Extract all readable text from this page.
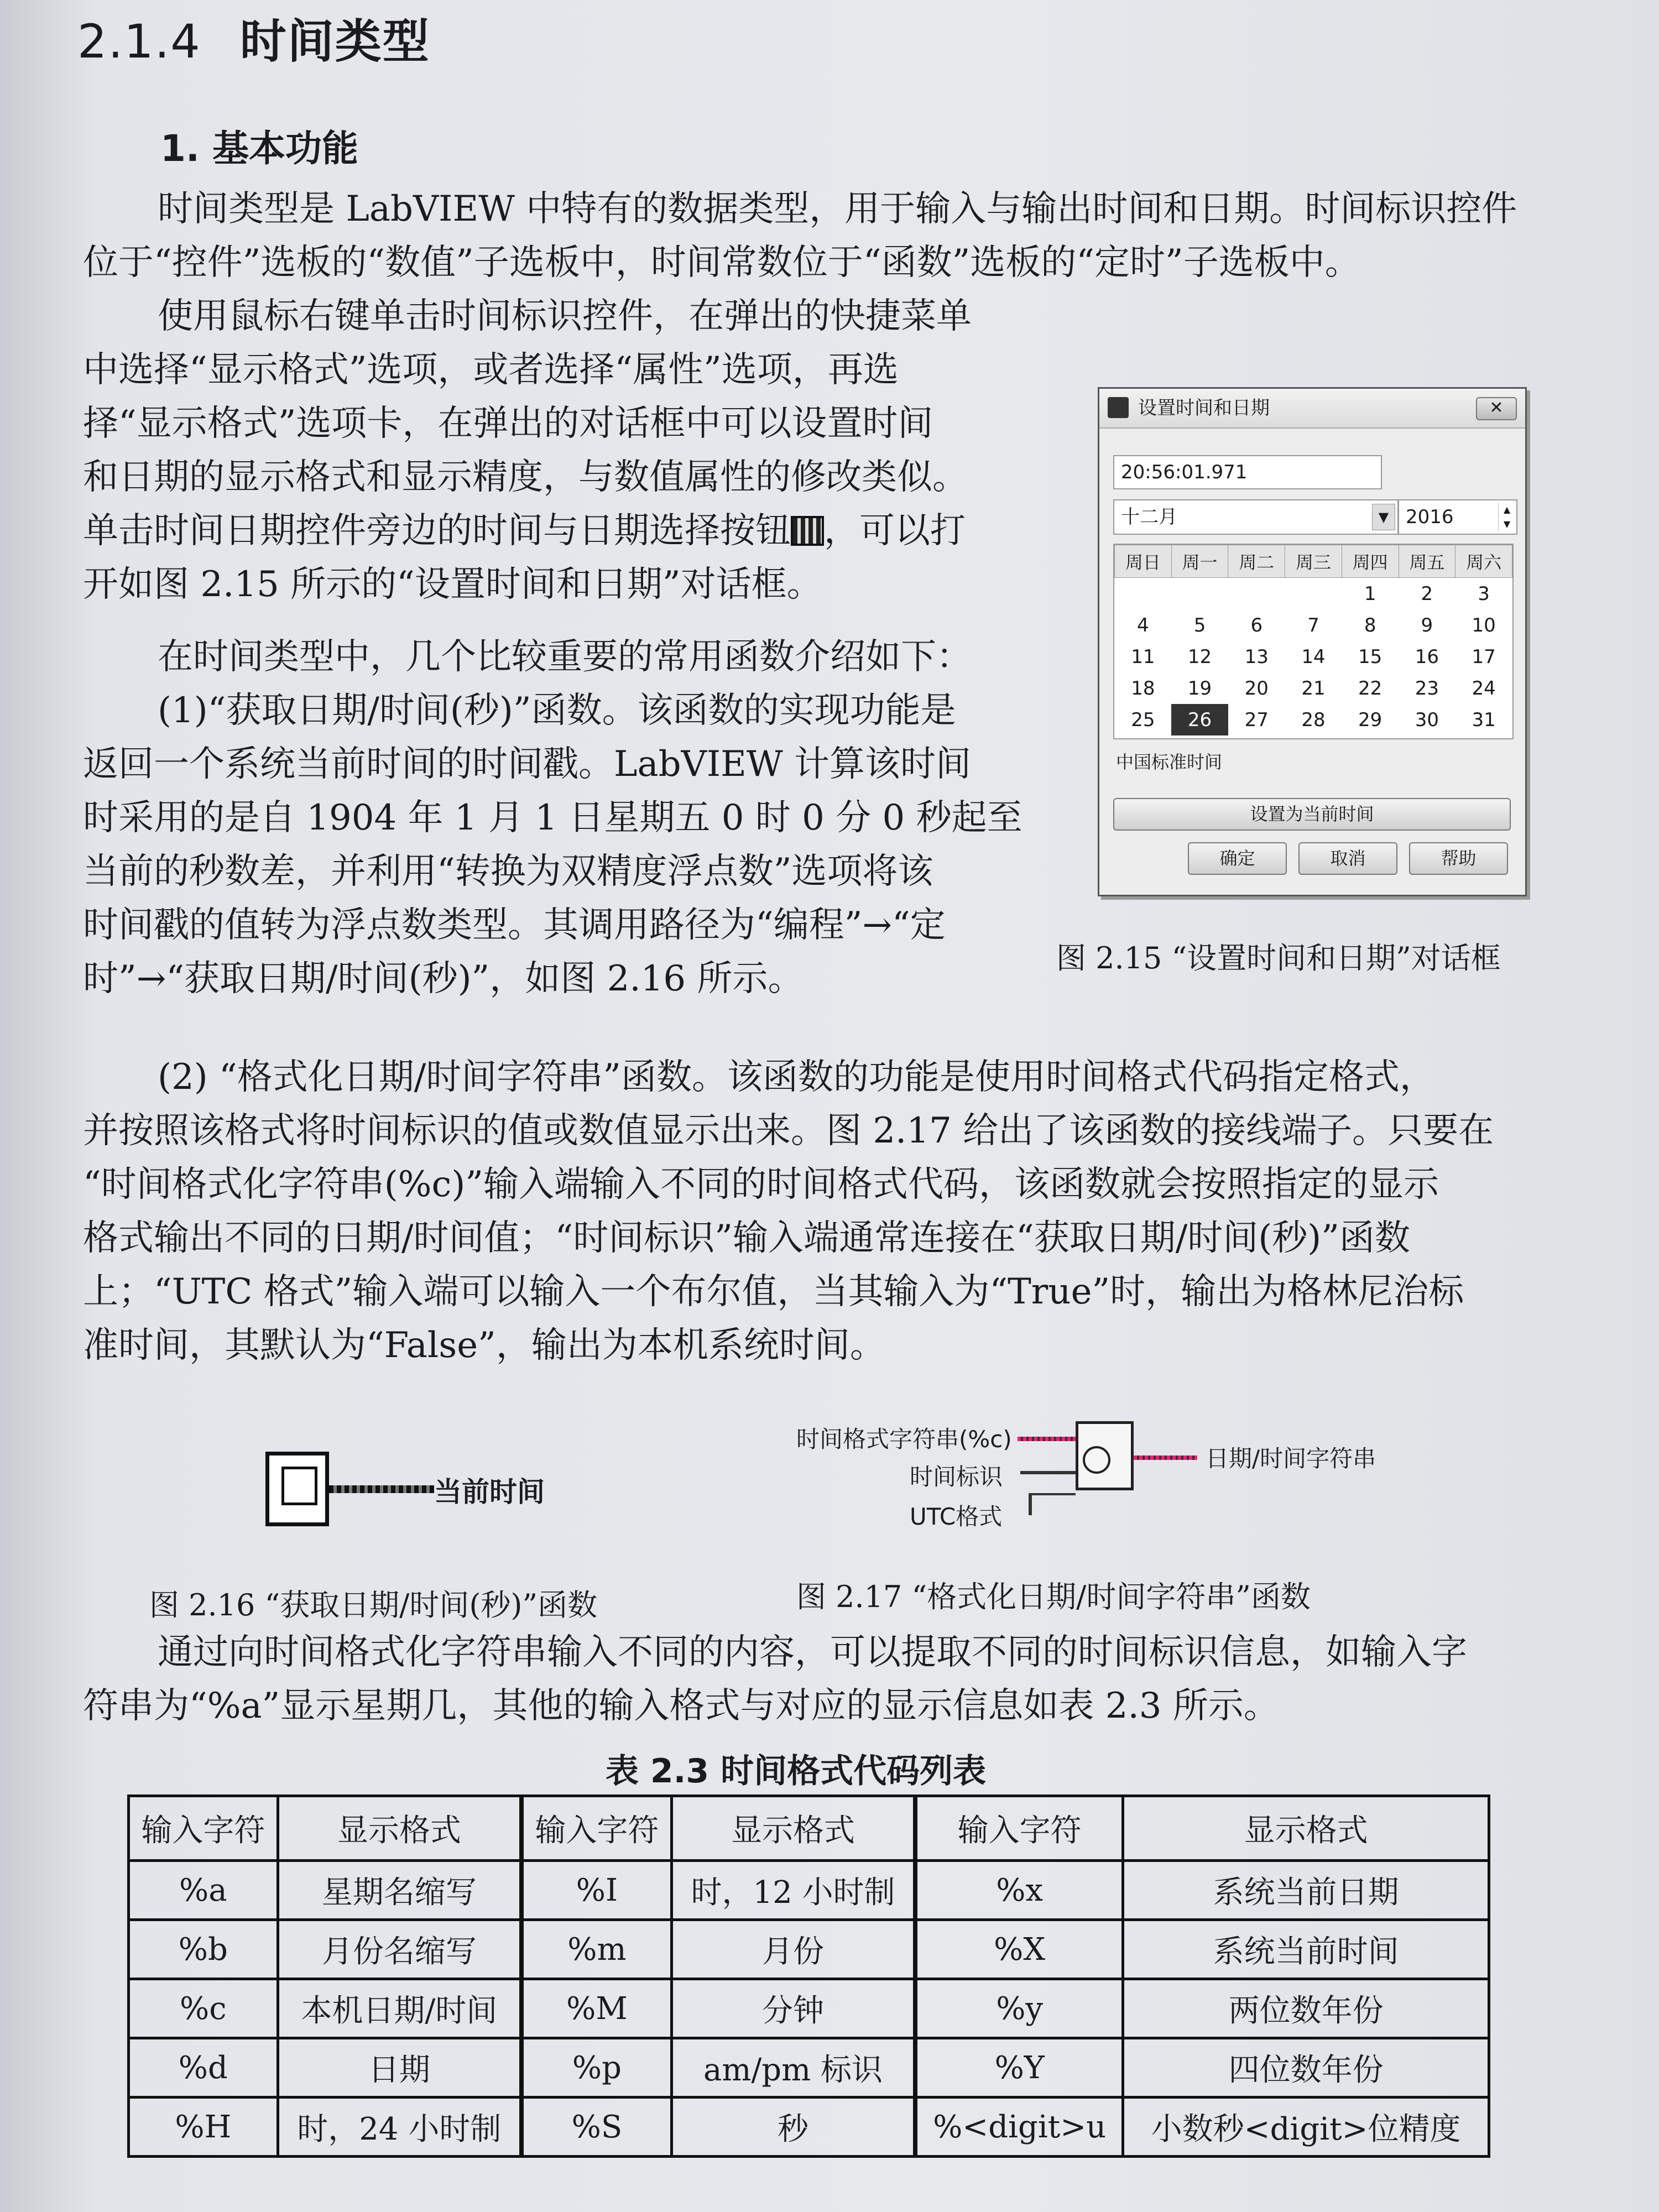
2.1.4 时间类型
1. 基本功能
时间类型是 LabVIEW 中特有的数据类型，用于输入与输出时间和日期。时间标识控件
位于“控件”选板的“数值”子选板中，时间常数位于“函数”选板的“定时”子选板中。
使用鼠标右键单击时间标识控件，在弹出的快捷菜单
中选择“显示格式”选项，或者选择“属性”选项，再选
择“显示格式”选项卡，在弹出的对话框中可以设置时间
和日期的显示格式和显示精度，与数值属性的修改类似。
单击时间日期控件旁边的时间与日期选择按钮 ，可以打
开如图 2.15 所示的“设置时间和日期”对话框。
在时间类型中，几个比较重要的常用函数介绍如下：
(1)“获取日期/时间(秒)”函数。该函数的实现功能是
返回一个系统当前时间的时间戳。LabVIEW 计算该时间
时采用的是自 1904 年 1 月 1 日星期五 0 时 0 分 0 秒起至
当前的秒数差，并利用“转换为双精度浮点数”选项将该
时间戳的值转为浮点数类型。其调用路径为“编程”→“定
时”→“获取日期/时间(秒)”，如图 2.16 所示。
(2) “格式化日期/时间字符串”函数。该函数的功能是使用时间格式代码指定格式，
并按照该格式将时间标识的值或数值显示出来。图 2.17 给出了该函数的接线端子。只要在
“时间格式化字符串(%c)”输入端输入不同的时间格式代码，该函数就会按照指定的显示
格式输出不同的日期/时间值；“时间标识”输入端通常连接在“获取日期/时间(秒)”函数
上；“UTC 格式”输入端可以输入一个布尔值，当其输入为“True”时，输出为格林尼治标
准时间，其默认为“False”，输出为本机系统时间。
设置时间和日期	✕
20:56:01.971
十二月	▼ 2016	▲
▼
周日	周一	周二	周三	周四	周五	周六
				1	2	3
4	5	6	7	8	9	10
11	12	13	14	15	16	17
18	19	20	21	22	23	24
25	26	27	28	29	30	31
中国标准时间
设置为当前时间
确定	取消	帮助
图 2.15 “设置时间和日期”对话框
当前时间
图 2.16 “获取日期/时间(秒)”函数
时间格式字符串(%c)
时间标识
UTC格式
日期/时间字符串
图 2.17 “格式化日期/时间字符串”函数
通过向时间格式化字符串输入不同的内容，可以提取不同的时间标识信息，如输入字
符串为“%a”显示星期几，其他的输入格式与对应的显示信息如表 2.3 所示。
表 2.3 时间格式代码列表
输入字符	显示格式	输入字符	显示格式	输入字符	显示格式
%a	星期名缩写	%I	时，12 小时制	%x	系统当前日期
%b	月份名缩写	%m	月份	%X	系统当前时间
%c	本机日期/时间	%M	分钟	%y	两位数年份
%d	日期	%p	am/pm 标识	%Y	四位数年份
%H	时，24 小时制	%S	秒	%<digit>u	小数秒<digit>位精度
